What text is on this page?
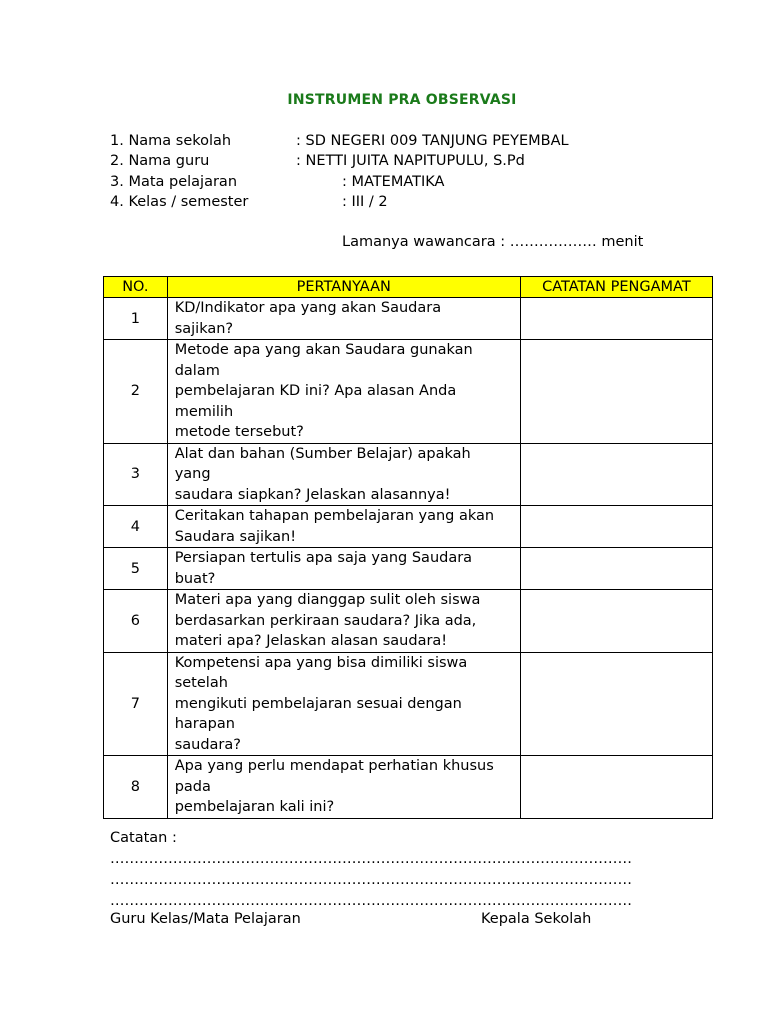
INSTRUMEN PRA OBSERVASI
1. Nama sekolah	: SD NEGERI 009 TANJUNG PEYEMBAL
2. Nama guru	: NETTI JUITA NAPITUPULU, S.Pd
3. Mata pelajaran	: MATEMATIKA
4. Kelas / semester	: III / 2
Lamanya wawancara : ……………… menit
NO.	PERTANYAAN	CATATAN PENGAMAT
1	KD/Indikator apa yang akan Saudara
sajikan?	

2	Metode apa yang akan Saudara gunakan
dalam
pembelajaran KD ini? Apa alasan Anda
memilih
metode tersebut?	

3	Alat dan bahan (Sumber Belajar) apakah
yang
saudara siapkan? Jelaskan alasannya!	

4	Ceritakan tahapan pembelajaran yang akan
Saudara sajikan!	

5	Persiapan tertulis apa saja yang Saudara
buat?	

6	Materi apa yang dianggap sulit oleh siswa
berdasarkan perkiraan saudara? Jika ada,
materi apa? Jelaskan alasan saudara!	

7	Kompetensi apa yang bisa dimiliki siswa
setelah
mengikuti pembelajaran sesuai dengan
harapan
saudara?	

8	Apa yang perlu mendapat perhatian khusus
pada
pembelajaran kali ini?	

Catatan :
………………………………………………………………………………………………
………………………………………………………………………………………………
………………………………………………………………………………………………
Guru Kelas/Mata Pelajaran	Kepala Sekolah
